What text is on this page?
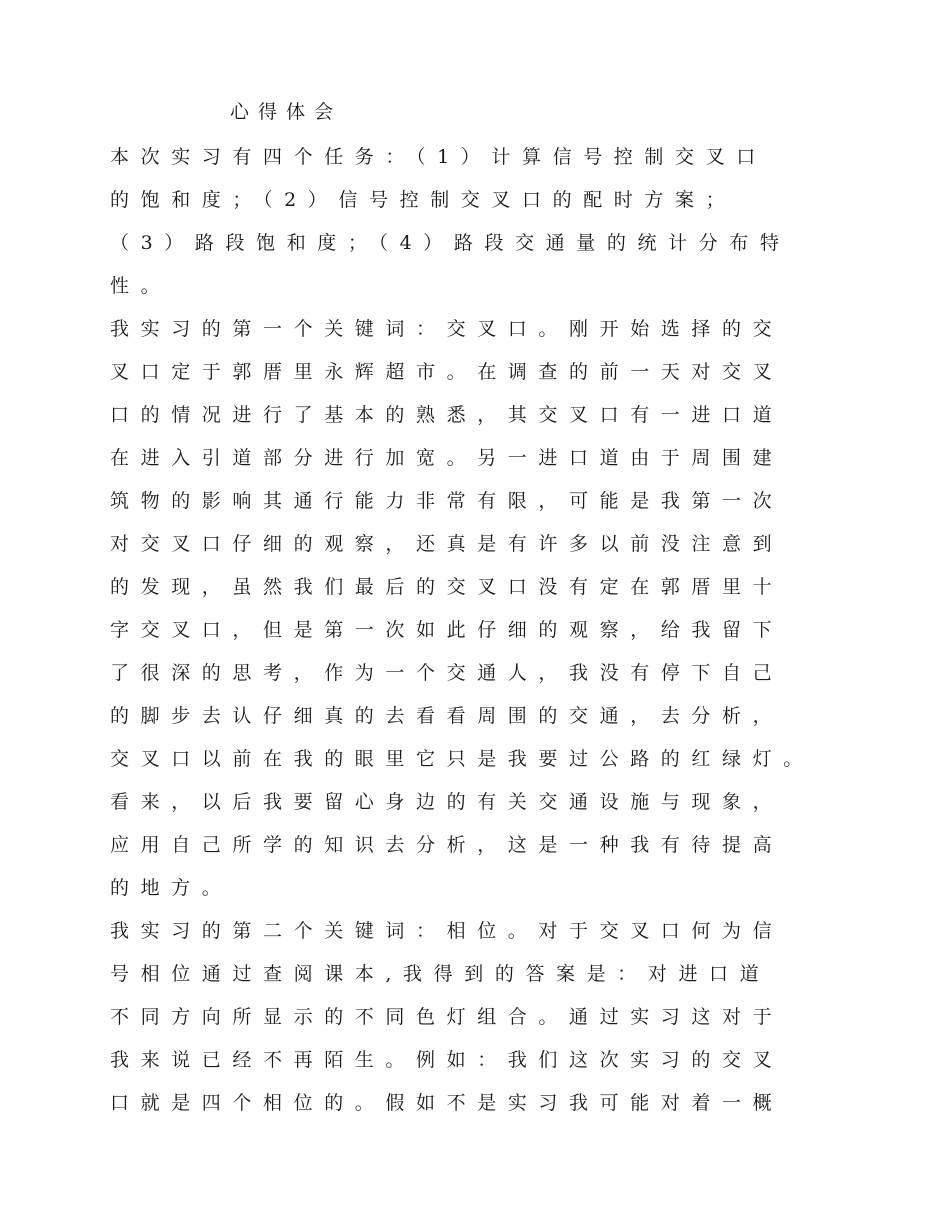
心得体会
本次实习有四个任务：（1）计算信号控制交叉口
的饱和度；（2）信号控制交叉口的配时方案；
（3）路段饱和度；（4）路段交通量的统计分布特
性。
我实习的第一个关键词：交叉口。刚开始选择的交
叉口定于郭厝里永辉超市。在调查的前一天对交叉
口的情况进行了基本的熟悉，其交叉口有一进口道
在进入引道部分进行加宽。另一进口道由于周围建
筑物的影响其通行能力非常有限，可能是我第一次
对交叉口仔细的观察，还真是有许多以前没注意到
的发现，虽然我们最后的交叉口没有定在郭厝里十
字交叉口，但是第一次如此仔细的观察，给我留下
了很深的思考，作为一个交通人，我没有停下自己
的脚步去认仔细真的去看看周围的交通，去分析，
交叉口以前在我的眼里它只是我要过公路的红绿灯。
看来，以后我要留心身边的有关交通设施与现象，
应用自己所学的知识去分析，这是一种我有待提高
的地方。
我实习的第二个关键词：相位。对于交叉口何为信
号相位通过查阅课本,我得到的答案是：对进口道
不同方向所显示的不同色灯组合。通过实习这对于
我来说已经不再陌生。例如：我们这次实习的交叉
口就是四个相位的。假如不是实习我可能对着一概
